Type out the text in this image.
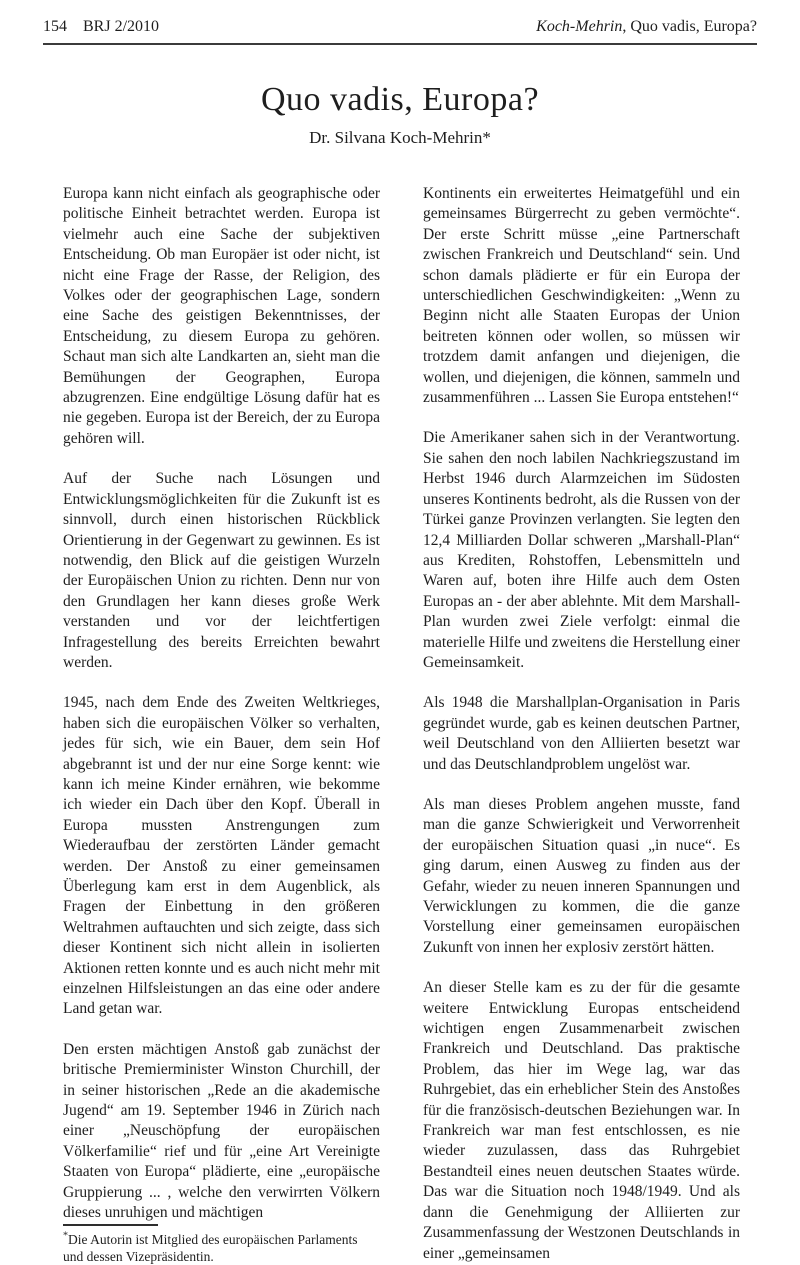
154 BRJ 2/2010	Koch-Mehrin, Quo vadis, Europa?
Quo vadis, Europa?
Dr. Silvana Koch-Mehrin*

Europa kann nicht einfach als geographische oder politische Einheit betrachtet werden. Europa ist vielmehr auch eine Sache der subjektiven Entscheidung. Ob man Europäer ist oder nicht, ist nicht eine Frage der Rasse, der Religion, des Volkes oder der geographischen Lage, sondern eine Sache des geistigen Bekenntnisses, der Entscheidung, zu diesem Europa zu gehören. Schaut man sich alte Landkarten an, sieht man die Bemühungen der Geographen, Europa abzugrenzen. Eine endgültige Lösung dafür hat es nie gegeben. Europa ist der Bereich, der zu Europa gehören will.

Auf der Suche nach Lösungen und Entwicklungsmöglichkeiten für die Zukunft ist es sinnvoll, durch einen historischen Rückblick Orientierung in der Gegenwart zu gewinnen. Es ist notwendig, den Blick auf die geistigen Wurzeln der Europäischen Union zu richten. Denn nur von den Grundlagen her kann dieses große Werk verstanden und vor der leichtfertigen Infragestellung des bereits Erreichten bewahrt werden.

1945, nach dem Ende des Zweiten Weltkrieges, haben sich die europäischen Völker so verhalten, jedes für sich, wie ein Bauer, dem sein Hof abgebrannt ist und der nur eine Sorge kennt: wie kann ich meine Kinder ernähren, wie bekomme ich wieder ein Dach über den Kopf. Überall in Europa mussten Anstrengungen zum Wiederaufbau der zerstörten Länder gemacht werden. Der Anstoß zu einer gemeinsamen Überlegung kam erst in dem Augenblick, als Fragen der Einbettung in den größeren Weltrahmen auftauchten und sich zeigte, dass sich dieser Kontinent sich nicht allein in isolierten Aktionen retten konnte und es auch nicht mehr mit einzelnen Hilfsleistungen an das eine oder andere Land getan war.

Den ersten mächtigen Anstoß gab zunächst der britische Premierminister Winston Churchill, der in seiner historischen „Rede an die akademische Jugend“ am 19. September 1946 in Zürich nach einer „Neuschöpfung der europäischen Völkerfamilie“ rief und für „eine Art Vereinigte Staaten von Europa“ plädierte, eine „europäische Gruppierung ... , welche den verwirrten Völkern dieses unruhigen und mächtigen

*Die Autorin ist Mitglied des europäischen Parlaments und dessen Vizepräsidentin.

Kontinents ein erweitertes Heimatgefühl und ein gemeinsames Bürgerrecht zu geben vermöchte“. Der erste Schritt müsse „eine Partnerschaft zwischen Frankreich und Deutschland“ sein. Und schon damals plädierte er für ein Europa der unterschiedlichen Geschwindigkeiten: „Wenn zu Beginn nicht alle Staaten Europas der Union beitreten können oder wollen, so müssen wir trotzdem damit anfangen und diejenigen, die wollen, und diejenigen, die können, sammeln und zusammenführen ... Lassen Sie Europa entstehen!“

Die Amerikaner sahen sich in der Verantwortung. Sie sahen den noch labilen Nachkriegszustand im Herbst 1946 durch Alarmzeichen im Südosten unseres Kontinents bedroht, als die Russen von der Türkei ganze Provinzen verlangten. Sie legten den 12,4 Milliarden Dollar schweren „Marshall-Plan“ aus Krediten, Rohstoffen, Lebensmitteln und Waren auf, boten ihre Hilfe auch dem Osten Europas an - der aber ablehnte. Mit dem Marshall-Plan wurden zwei Ziele verfolgt: einmal die materielle Hilfe und zweitens die Herstellung einer Gemeinsamkeit.

Als 1948 die Marshallplan-Organisation in Paris gegründet wurde, gab es keinen deutschen Partner, weil Deutschland von den Alliierten besetzt war und das Deutschlandproblem ungelöst war.

Als man dieses Problem angehen musste, fand man die ganze Schwierigkeit und Verworrenheit der europäischen Situation quasi „in nuce“. Es ging darum, einen Ausweg zu finden aus der Gefahr, wieder zu neuen inneren Spannungen und Verwicklungen zu kommen, die die ganze Vorstellung einer gemeinsamen europäischen Zukunft von innen her explosiv zerstört hätten.

An dieser Stelle kam es zu der für die gesamte weitere Entwicklung Europas entscheidend wichtigen engen Zusammenarbeit zwischen Frankreich und Deutschland. Das praktische Problem, das hier im Wege lag, war das Ruhrgebiet, das ein erheblicher Stein des Anstoßes für die französisch-deutschen Beziehungen war. In Frankreich war man fest entschlossen, es nie wieder zuzulassen, dass das Ruhrgebiet Bestandteil eines neuen deutschen Staates würde. Das war die Situation noch 1948/1949. Und als dann die Genehmigung der Alliierten zur Zusammenfassung der Westzonen Deutschlands in einer „gemeinsamen
